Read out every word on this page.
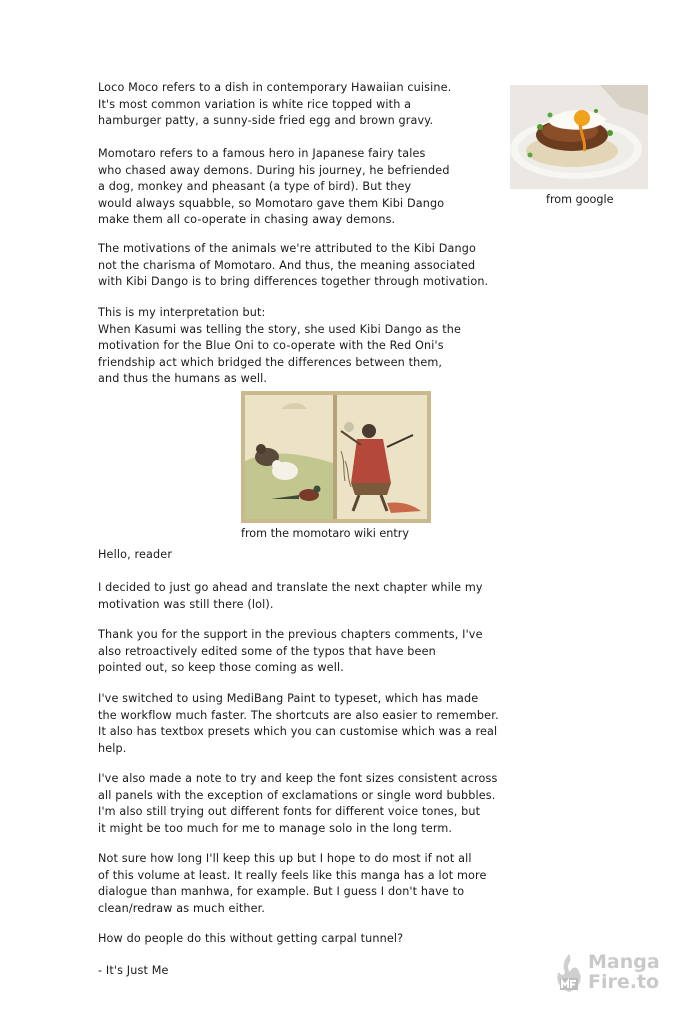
Loco Moco refers to a dish in contemporary Hawaiian cuisine.
It's most common variation is white rice topped with a
hamburger patty, a sunny-side fried egg and brown gravy.

from google

Momotaro refers to a famous hero in Japanese fairy tales
who chased away demons. During his journey, he befriended
a dog, monkey and pheasant (a type of bird). But they
would always squabble, so Momotaro gave them Kibi Dango
make them all co-operate in chasing away demons.

The motivations of the animals we're attributed to the Kibi Dango
not the charisma of Momotaro. And thus, the meaning associated
with Kibi Dango is to bring differences together through motivation.

This is my interpretation but:
When Kasumi was telling the story, she used Kibi Dango as the
motivation for the Blue Oni to co-operate with the Red Oni's
friendship act which bridged the differences between them,
and thus the humans as well.

from the momotaro wiki entry

Hello, reader

I decided to just go ahead and translate the next chapter while my
motivation was still there (lol).

Thank you for the support in the previous chapters comments, I've
also retroactively edited some of the typos that have been
pointed out, so keep those coming as well.

I've switched to using MediBang Paint to typeset, which has made
the workflow much faster. The shortcuts are also easier to remember.
It also has textbox presets which you can customise which was a real
help.

I've also made a note to try and keep the font sizes consistent across
all panels with the exception of exclamations or single word bubbles.
I'm also still trying out different fonts for different voice tones, but
it might be too much for me to manage solo in the long term.

Not sure how long I'll keep this up but I hope to do most if not all
of this volume at least. It really feels like this manga has a lot more
dialogue than manhwa, for example. But I guess I don't have to
clean/redraw as much either.

How do people do this without getting carpal tunnel?

- It's Just Me	Manga
Fire.to
